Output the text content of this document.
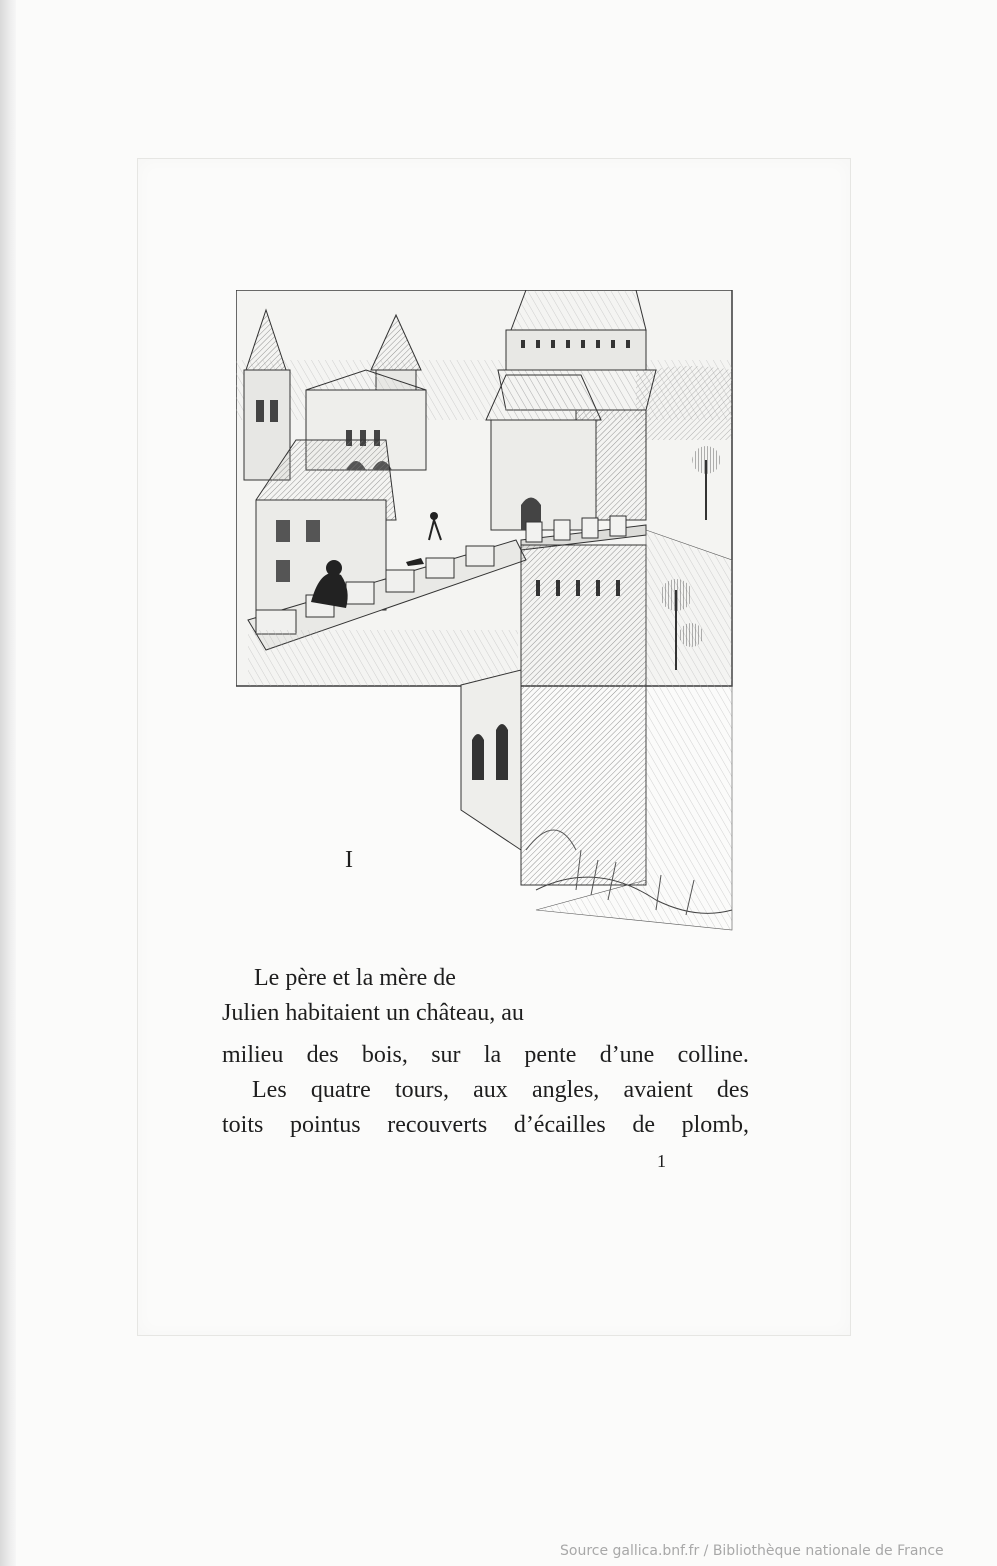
I
Le père et la mère de
Julien habitaient un château, au
milieu des bois, sur la pente d’une colline.
Les quatre tours, aux angles, avaient des
toits pointus recouverts d’écailles de plomb,
1
Source gallica.bnf.fr / Bibliothèque nationale de France
